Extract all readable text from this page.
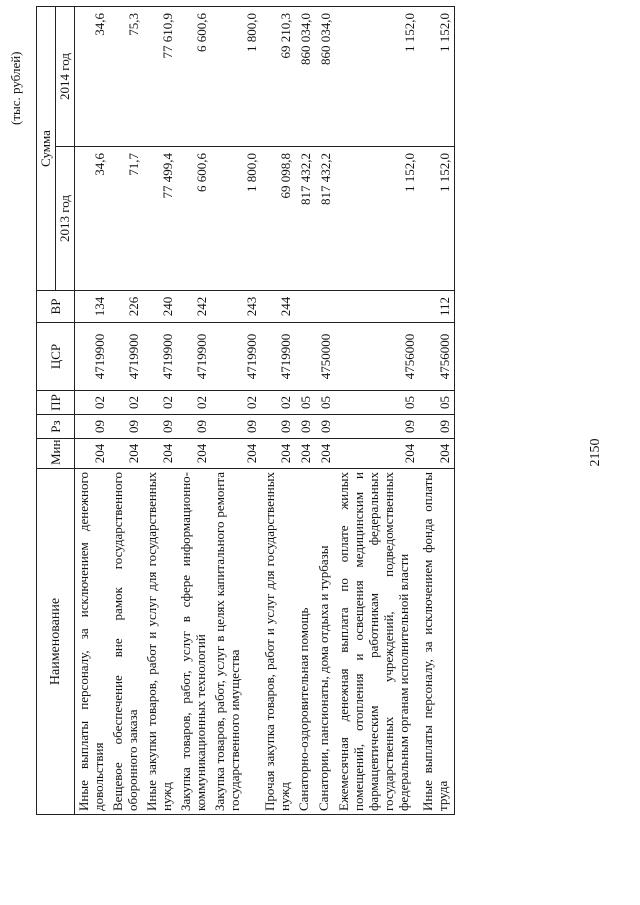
(тыс. рублей)
Наименование	Мин	Рз	ПР	ЦСР	ВР	Сумма	
						2013 год	2014 год
Иные выплаты персоналу, за исключением денежного довольствия	204	09	02	4719900	134	34,6	34,6
Вещевое обеспечение вне рамок государственного оборонного заказа	204	09	02	4719900	226	71,7	75,3
Иные закупки товаров, работ и услуг для государственных нужд	204	09	02	4719900	240	77 499,4	77 610,9
Закупка товаров, работ, услуг в сфере информационно-коммуникационных технологий	204	09	02	4719900	242	6 600,6	6 600,6
Закупка товаров, работ, услуг в целях капитального ремонта государственного имущества	204	09	02	4719900	243	1 800,0	1 800,0
Прочая закупка товаров, работ и услуг для государственных нужд	204	09	02	4719900	244	69 098,8	69 210,3
Санаторно-оздоровительная помощь	204	09	05			817 432,2	860 034,0
Санатории, пансионаты, дома отдыха и турбазы	204	09	05	4750000		817 432,2	860 034,0
Ежемесячная денежная выплата по оплате жилых помещений, отопления и освещения медицинским и фармацевтическим работникам федеральных государственных учреждений, подведомственных федеральным органам исполнительной власти	204	09	05	4756000		1 152,0	1 152,0
Иные выплаты персоналу, за исключением фонда оплаты труда	204	09	05	4756000	112	1 152,0	1 152,0
2150
